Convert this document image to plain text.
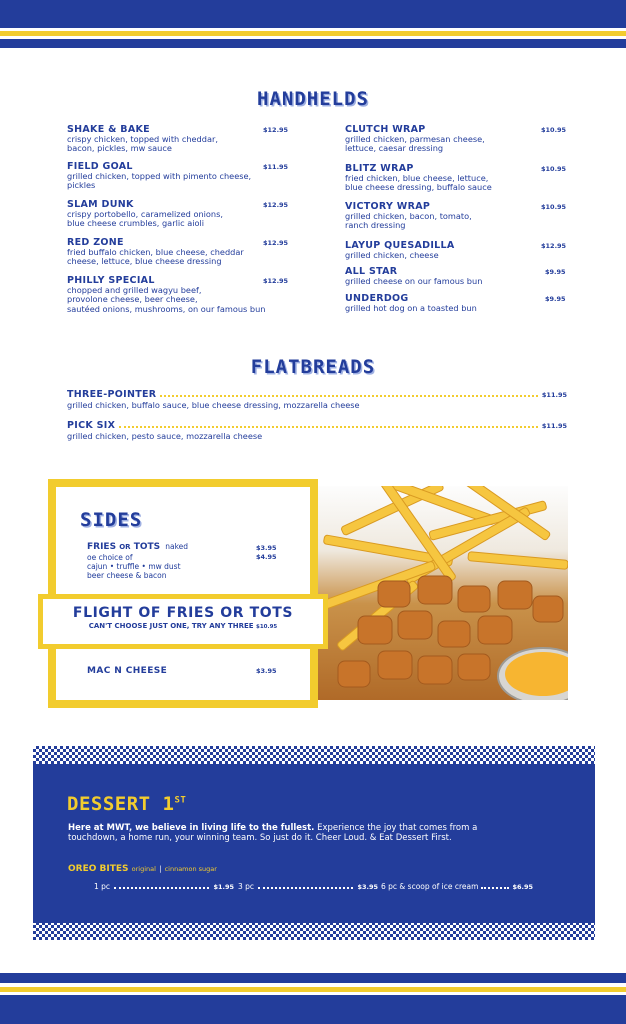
HANDHELDS
SHAKE & BAKE
crispy chicken, topped with cheddar,
bacon, pickles, mw sauce
$12.95
FIELD GOAL
grilled chicken, topped with pimento cheese,
pickles
$11.95
SLAM DUNK
crispy portobello, caramelized onions,
blue cheese crumbles, garlic aioli
$12.95
RED ZONE
fried buffalo chicken, blue cheese, cheddar
cheese, lettuce, blue cheese dressing
$12.95
PHILLY SPECIAL
chopped and grilled wagyu beef,
provolone cheese, beer cheese,
sautéed onions, mushrooms, on our famous bun
$12.95
CLUTCH WRAP
grilled chicken, parmesan cheese,
lettuce, caesar dressing
$10.95
BLITZ WRAP
fried chicken, blue cheese, lettuce,
blue cheese dressing, buffalo sauce
$10.95
VICTORY WRAP
grilled chicken, bacon, tomato,
ranch dressing
$10.95
LAYUP QUESADILLA
grilled chicken, cheese
$12.95
ALL STAR
grilled cheese on our famous bun
$9.95
UNDERDOG
grilled hot dog on a toasted bun
$9.95
FLATBREADS
THREE-POINTER	$11.95
grilled chicken, buffalo sauce, blue cheese dressing, mozzarella cheese
PICK SIX	$11.95
grilled chicken, pesto sauce, mozzarella cheese
SIDES
FRIES OR TOTS naked
oe choice of
cajun • truffle • mw dust
beer cheese & bacon
$3.95
$4.95
FLIGHT OF FRIES OR TOTS
CAN'T CHOOSE JUST ONE, TRY ANY THREE $10.95
MAC N CHEESE	$3.95
DESSERT 1ST
Here at MWT, we believe in living life to the fullest. Experience the joy that comes from a
touchdown, a home run, your winning team. So just do it. Cheer Loud. & Eat Dessert First.
OREO BITES original | cinnamon sugar
1 pc	$1.95 3 pc	$3.95 6 pc & scoop of ice cream	$6.95
